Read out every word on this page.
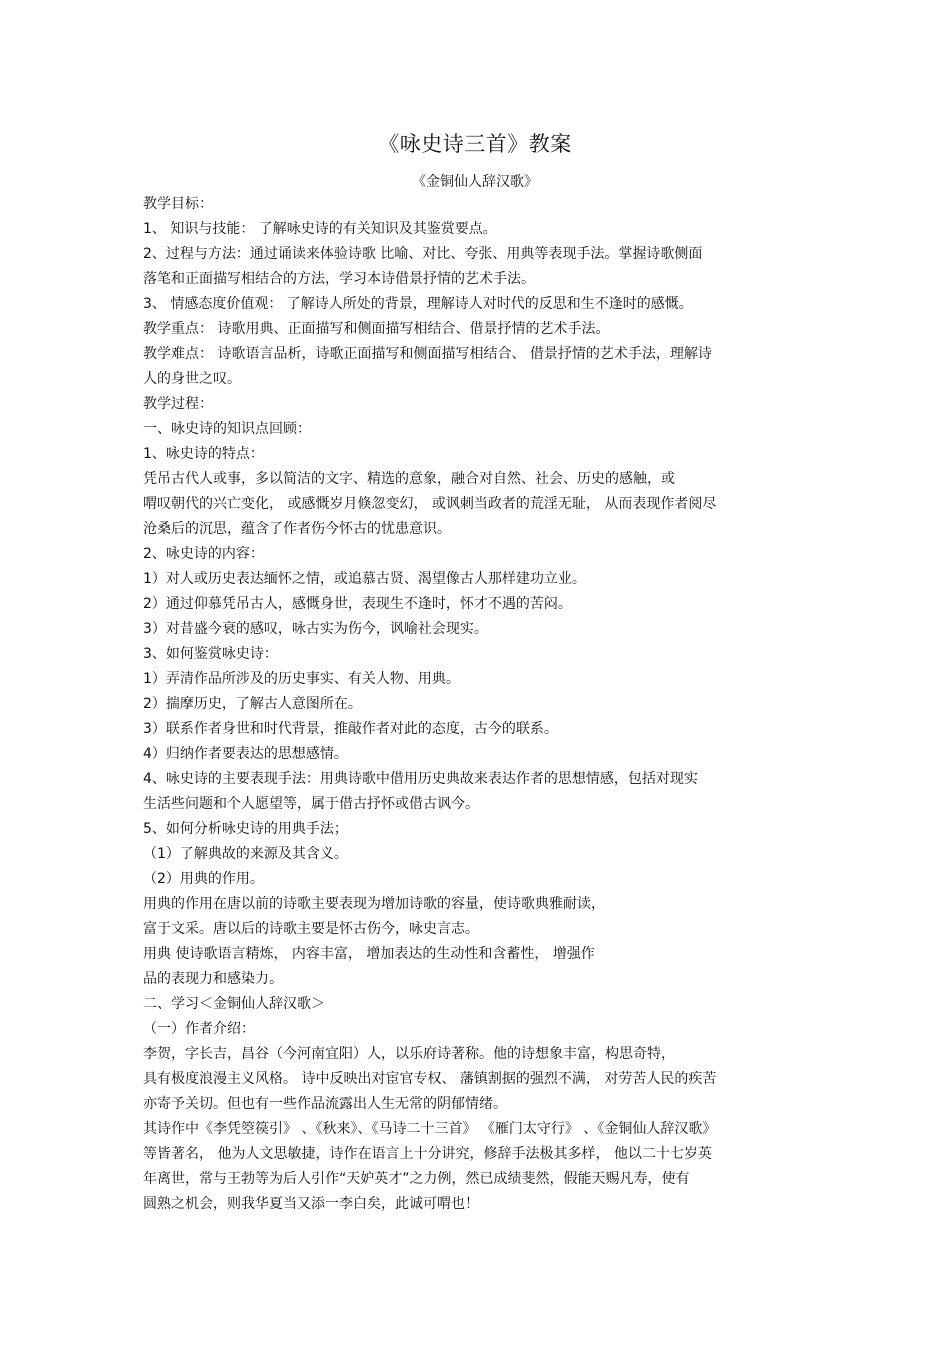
《咏史诗三首》教案
《金铜仙人辞汉歌》
教学目标：
1、 知识与技能： 了解咏史诗的有关知识及其鉴赏要点。
2、过程与方法：通过诵读来体验诗歌 比喻、对比、夸张、用典等表现手法。掌握诗歌侧面
落笔和正面描写相结合的方法，学习本诗借景抒情的艺术手法。
3、 情感态度价值观： 了解诗人所处的背景，理解诗人对时代的反思和生不逢时的感慨。
教学重点： 诗歌用典、正面描写和侧面描写相结合、借景抒情的艺术手法。
教学难点： 诗歌语言品析，诗歌正面描写和侧面描写相结合、 借景抒情的艺术手法，理解诗
人的身世之叹。
教学过程：
一、咏史诗的知识点回顾：
1、咏史诗的特点：
凭吊古代人或事，多以简洁的文字、精选的意象，融合对自然、社会、历史的感触，或
喟叹朝代的兴亡变化， 或感慨岁月倏忽变幻， 或讽刺当政者的荒淫无耻， 从而表现作者阅尽
沧桑后的沉思，蕴含了作者伤今怀古的忧患意识。
2、咏史诗的内容：
1）对人或历史表达缅怀之情，或追慕古贤、渴望像古人那样建功立业。
2）通过仰慕凭吊古人，感慨身世，表现生不逢时，怀才不遇的苦闷。
3）对昔盛今衰的感叹，咏古实为伤今，讽喻社会现实。
3、如何鉴赏咏史诗：
1）弄清作品所涉及的历史事实、有关人物、用典。
2）揣摩历史，了解古人意图所在。
3）联系作者身世和时代背景，推敲作者对此的态度，古今的联系。
4）归纳作者要表达的思想感情。
4、咏史诗的主要表现手法：用典诗歌中借用历史典故来表达作者的思想情感，包括对现实
生活些问题和个人愿望等，属于借古抒怀或借古讽今。
5、如何分析咏史诗的用典手法；
（1）了解典故的来源及其含义。
（2）用典的作用。
用典的作用在唐以前的诗歌主要表现为增加诗歌的容量，使诗歌典雅耐读，
富于文采。唐以后的诗歌主要是怀古伤今，咏史言志。
用典 使诗歌语言精炼， 内容丰富， 增加表达的生动性和含蓄性， 增强作
品的表现力和感染力。
二、学习＜金铜仙人辞汉歌＞
（一）作者介绍：
李贺，字长吉，昌谷（今河南宜阳）人，以乐府诗著称。他的诗想象丰富，构思奇特，
具有极度浪漫主义风格。 诗中反映出对宦官专权、 藩镇割据的强烈不满， 对劳苦人民的疾苦
亦寄予关切。但也有一些作品流露出人生无常的阴郁情绪。
其诗作中《李凭箜篌引》 、《秋来》、《马诗二十三首》 《雁门太守行》 、《金铜仙人辞汉歌》
等皆著名， 他为人文思敏捷，诗作在语言上十分讲究，修辞手法极其多样， 他以二十七岁英
年离世，常与王勃等为后人引作“天妒英才”之力例，然已成绩斐然，假能天赐凡寿，使有
圆熟之机会，则我华夏当又添一李白矣，此诚可喟也！
